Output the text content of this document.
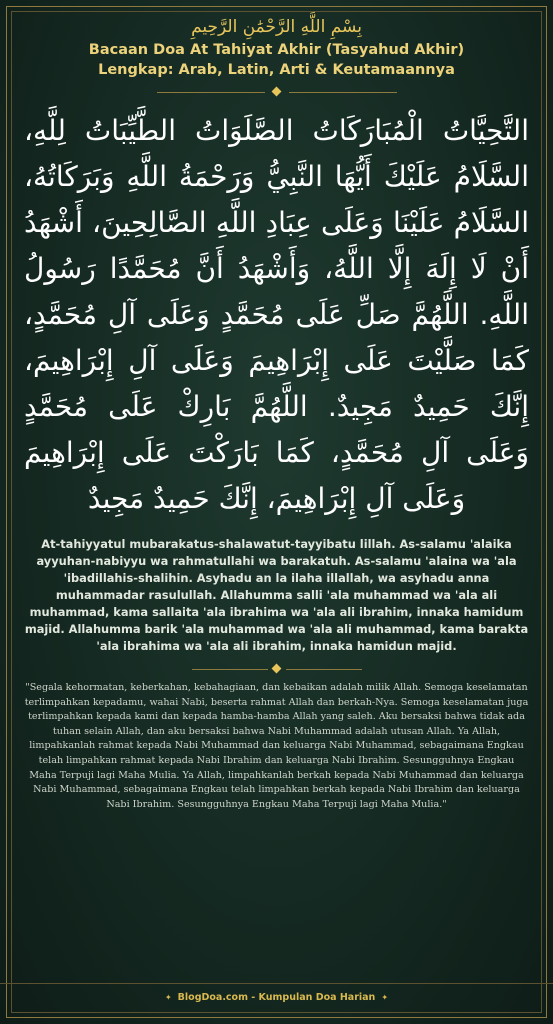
بِسْمِ اللَّهِ الرَّحْمَٰنِ الرَّحِيمِ
Bacaan Doa At Tahiyat Akhir (Tasyahud Akhir)
Lengkap: Arab, Latin, Arti & Keutamaannya

التَّحِيَّاتُ الْمُبَارَكَاتُ الصَّلَوَاتُ الطَّيِّبَاتُ لِلَّهِ، السَّلَامُ عَلَيْكَ أَيُّهَا النَّبِيُّ وَرَحْمَةُ اللَّهِ وَبَرَكَاتُهُ، السَّلَامُ عَلَيْنَا وَعَلَى عِبَادِ اللَّهِ الصَّالِحِينَ، أَشْهَدُ أَنْ لَا إِلَهَ إِلَّا اللَّهُ، وَأَشْهَدُ أَنَّ مُحَمَّدًا رَسُولُ اللَّهِ. اللَّهُمَّ صَلِّ عَلَى مُحَمَّدٍ وَعَلَى آلِ مُحَمَّدٍ، كَمَا صَلَّيْتَ عَلَى إِبْرَاهِيمَ وَعَلَى آلِ إِبْرَاهِيمَ، إِنَّكَ حَمِيدٌ مَجِيدٌ. اللَّهُمَّ بَارِكْ عَلَى مُحَمَّدٍ وَعَلَى آلِ مُحَمَّدٍ، كَمَا بَارَكْتَ عَلَى إِبْرَاهِيمَ وَعَلَى آلِ إِبْرَاهِيمَ، إِنَّكَ حَمِيدٌ مَجِيدٌ

At-tahiyyatul mubarakatus-shalawatut-tayyibatu lillah. As-salamu 'alaika ayyuhan-nabiyyu wa rahmatullahi wa barakatuh. As-salamu 'alaina wa 'ala 'ibadillahis-shalihin. Asyhadu an la ilaha illallah, wa asyhadu anna muhammadar rasulullah. Allahumma salli 'ala muhammad wa 'ala ali muhammad, kama sallaita 'ala ibrahima wa 'ala ali ibrahim, innaka hamidum majid. Allahumma barik 'ala muhammad wa 'ala ali muhammad, kama barakta 'ala ibrahima wa 'ala ali ibrahim, innaka hamidun majid.
"Segala kehormatan, keberkahan, kebahagiaan, dan kebaikan adalah milik Allah. Semoga keselamatan terlimpahkan kepadamu, wahai Nabi, beserta rahmat Allah dan berkah-Nya. Semoga keselamatan juga terlimpahkan kepada kami dan kepada hamba-hamba Allah yang saleh. Aku bersaksi bahwa tidak ada tuhan selain Allah, dan aku bersaksi bahwa Nabi Muhammad adalah utusan Allah. Ya Allah, limpahkanlah rahmat kepada Nabi Muhammad dan keluarga Nabi Muhammad, sebagaimana Engkau telah limpahkan rahmat kepada Nabi Ibrahim dan keluarga Nabi Ibrahim. Sesungguhnya Engkau Maha Terpuji lagi Maha Mulia. Ya Allah, limpahkanlah berkah kepada Nabi Muhammad dan keluarga Nabi Muhammad, sebagaimana Engkau telah limpahkan berkah kepada Nabi Ibrahim dan keluarga Nabi Ibrahim. Sesungguhnya Engkau Maha Terpuji lagi Maha Mulia."
✦ BlogDoa.com - Kumpulan Doa Harian ✦
